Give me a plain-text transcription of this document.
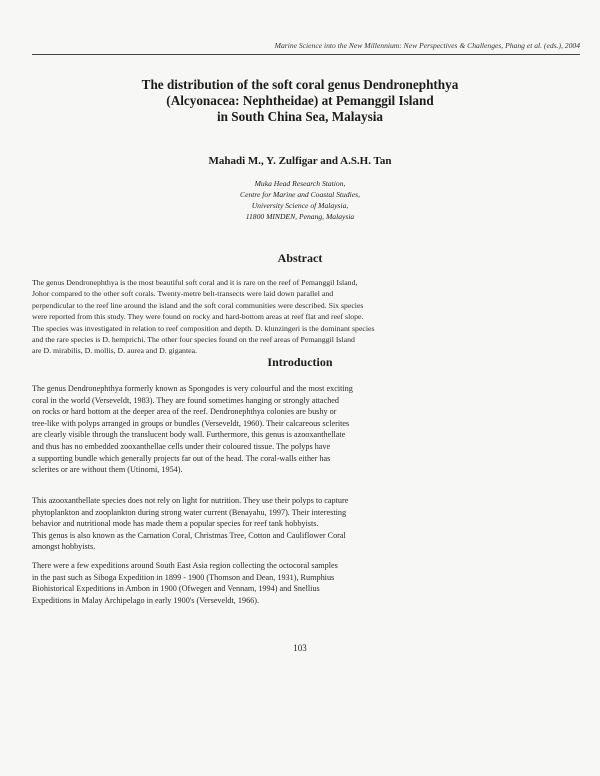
Marine Science into the New Millennium: New Perspectives & Challenges, Phang et al. (eds.), 2004
The distribution of the soft coral genus Dendronephthya
(Alcyonacea: Nephtheidae) at Pemanggil Island
in South China Sea, Malaysia
Mahadi M., Y. Zulfigar and A.S.H. Tan
Muka Head Research Station,
Centre for Marine and Coastal Studies,
University Science of Malaysia,
11800 MINDEN, Penang, Malaysia
Abstract
The genus Dendronephthya is the most beautiful soft coral and it is rare on the reef of Pemanggil Island,
Johor compared to the other soft corals. Twenty-metre belt-transects were laid down parallel and
perpendicular to the reef line around the island and the soft coral communities were described. Six species
were reported from this study. They were found on rocky and hard-bottom areas at reef flat and reef slope.
The species was investigated in relation to reef composition and depth. D. klunzingeri is the dominant species
and the rare species is D. hemprichi. The other four species found on the reef areas of Pemanggil Island
are D. mirabilis, D. mollis, D. aurea and D. gigantea.
Introduction
The genus Dendronephthya formerly known as Spongodes is very colourful and the most exciting
coral in the world (Verseveldt, 1983). They are found sometimes hanging or strongly attached
on rocks or hard bottom at the deeper area of the reef. Dendronephthya colonies are bushy or
tree-like with polyps arranged in groups or bundles (Verseveldt, 1960). Their calcareous sclerites
are clearly visible through the translucent body wall. Furthermore, this genus is azooxanthellate
and thus has no embedded zooxanthellae cells under their coloured tissue. The polyps have
a supporting bundle which generally projects far out of the head. The coral-walls either has
sclerites or are without them (Utinomi, 1954).
This azooxanthellate species does not rely on light for nutrition. They use their polyps to capture
phytoplankton and zooplankton during strong water current (Benayahu, 1997). Their interesting
behavior and nutritional mode has made them a popular species for reef tank hobbyists.
This genus is also known as the Carnation Coral, Christmas Tree, Cotton and Cauliflower Coral
amongst hobbyists.
There were a few expeditions around South East Asia region collecting the octocoral samples
in the past such as Siboga Expedition in 1899 - 1900 (Thomson and Dean, 1931), Rumphius
Biohistorical Expeditions in Ambon in 1900 (Ofwegen and Vennam, 1994) and Snellius
Expeditions in Malay Archipelago in early 1900's (Verseveldt, 1966).
103
